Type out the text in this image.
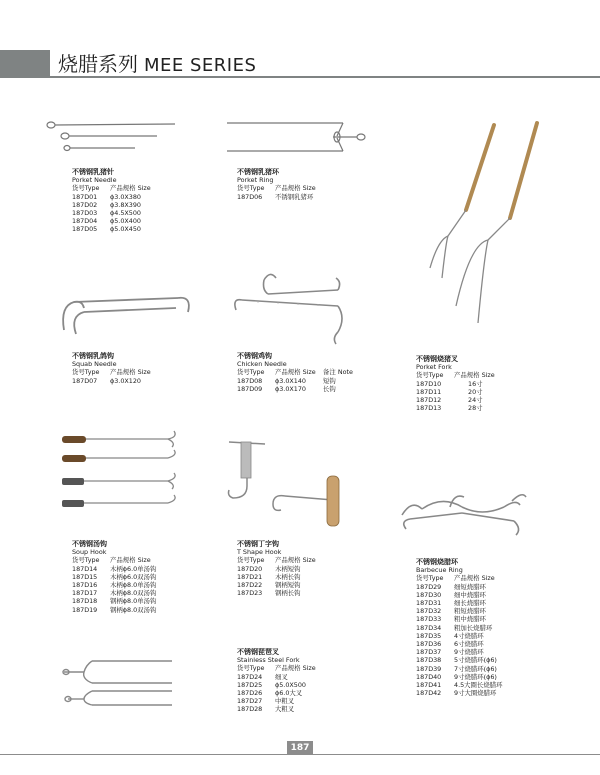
烧腊系列 MEE SERIES
不锈钢乳猪针
Porket Needle
货号Type	产品规格 Size
187D01	ϕ3.0X380
187D02	ϕ3.8X390
187D03	ϕ4.5X500
187D04	ϕ5.0X400
187D05	ϕ5.0X450
不锈钢乳猪环
Porket Ring
货号Type	产品规格 Size
187D06	不锈钢乳猪环
不锈钢乳鸽钩
Squab Needle
货号Type	产品规格 Size
187D07	ϕ3.0X120
不锈钢鸡钩
Chicken Needle
货号Type	产品规格 Size	备注 Note
187D08	ϕ3.0X140	短钩
187D09	ϕ3.0X170	长钩
不锈钢烧猪叉
Porket Fork
货号Type	产品规格 Size
187D10	16寸
187D11	20寸
187D12	24寸
187D13	28寸
不锈钢汤钩
Soup Hook
货号Type	产品规格 Size
187D14	木柄ϕ6.0单汤钩
187D15	木柄ϕ6.0双汤钩
187D16	木柄ϕ8.0单汤钩
187D17	木柄ϕ8.0双汤钩
187D18	钢柄ϕ8.0单汤钩
187D19	钢柄ϕ8.0双汤钩
不锈钢丁字钩
T Shape Hook
货号Type	产品规格 Size
187D20	木柄短钩
187D21	木柄长钩
187D22	钢柄短钩
187D23	钢柄长钩
不锈钢烧腊环
Barbecue Ring
货号Type	产品规格 Size
187D29	细短烧腊环
187D30	细中烧腊环
187D31	细长烧腊环
187D32	粗短烧腊环
187D33	粗中烧腊环
187D34	粗加长烧腊环
187D35	4寸烧腊环
187D36	6寸烧腊环
187D37	9寸烧腊环
187D38	5寸烧腊环(ϕ6)
187D39	7寸烧腊环(ϕ6)
187D40	9寸烧腊环(ϕ6)
187D41	4.5大圈长烧腊环
187D42	9寸大圈烧腊环
不锈钢琵琶叉
Stainless Steel Fork
货号Type	产品规格 Size
187D24	细叉
187D25	ϕ5.0X500
187D26	ϕ6.0大叉
187D27	中粗叉
187D28	大粗叉
187
